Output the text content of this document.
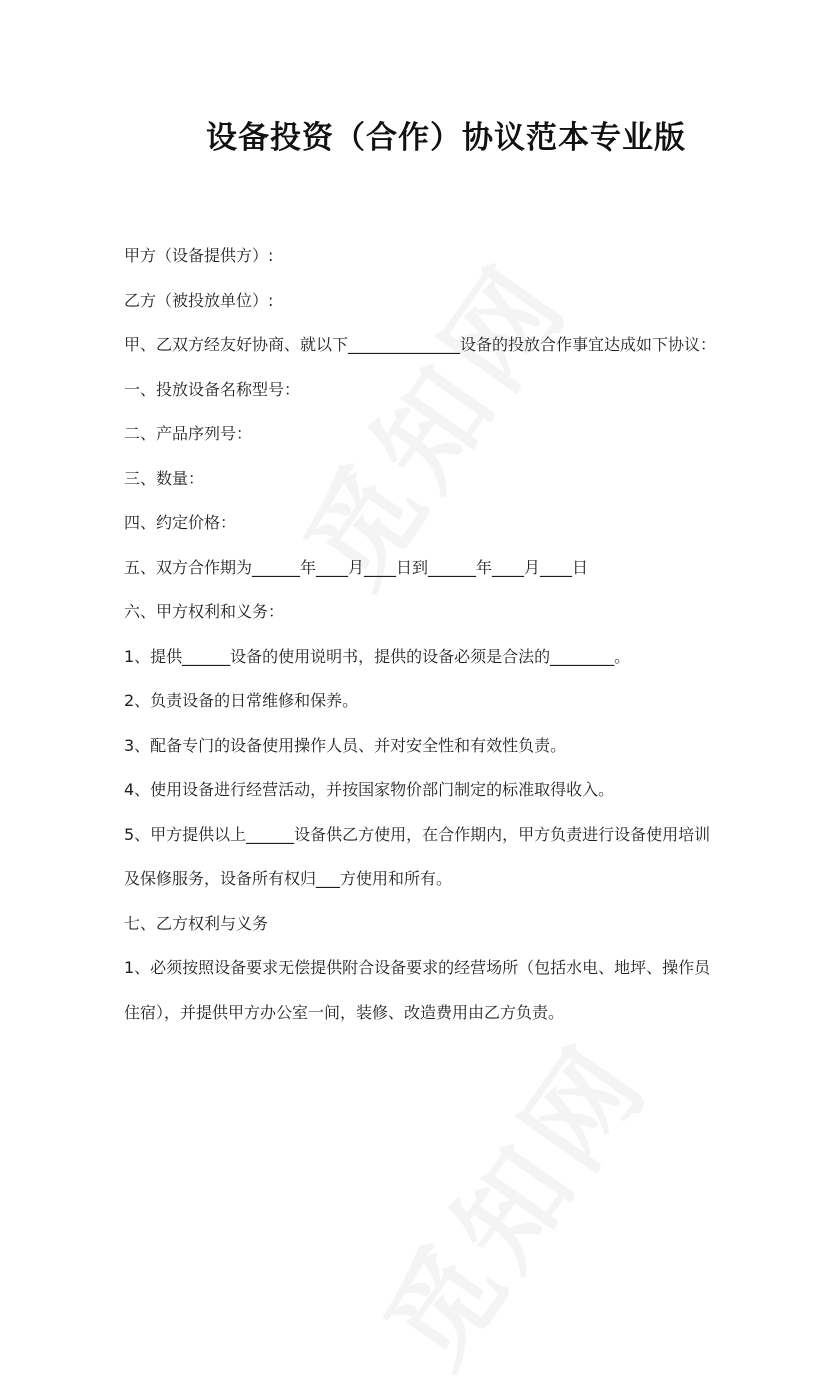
设备投资（合作）协议范本专业版

甲方（设备提供方）:

乙方（被投放单位）:

甲、乙双方经友好协商、就以下______________设备的投放合作事宜达成如下协议：

一、投放设备名称型号：

二、产品序列号：

三、数量：

四、约定价格：

五、双方合作期为______年____月____日到______年____月____日

六、甲方权利和义务：

1、提供______设备的使用说明书，提供的设备必须是合法的________。

2、负责设备的日常维修和保养。

3、配备专门的设备使用操作人员、并对安全性和有效性负责。

4、使用设备进行经营活动，并按国家物价部门制定的标准取得收入。

5、甲方提供以上______设备供乙方使用，在合作期内，甲方负责进行设备使用培训及保修服务，设备所有权归___方使用和所有。

七、乙方权利与义务

1、必须按照设备要求无偿提供附合设备要求的经营场所（包括水电、地坪、操作员住宿），并提供甲方办公室一间，装修、改造费用由乙方负责。
